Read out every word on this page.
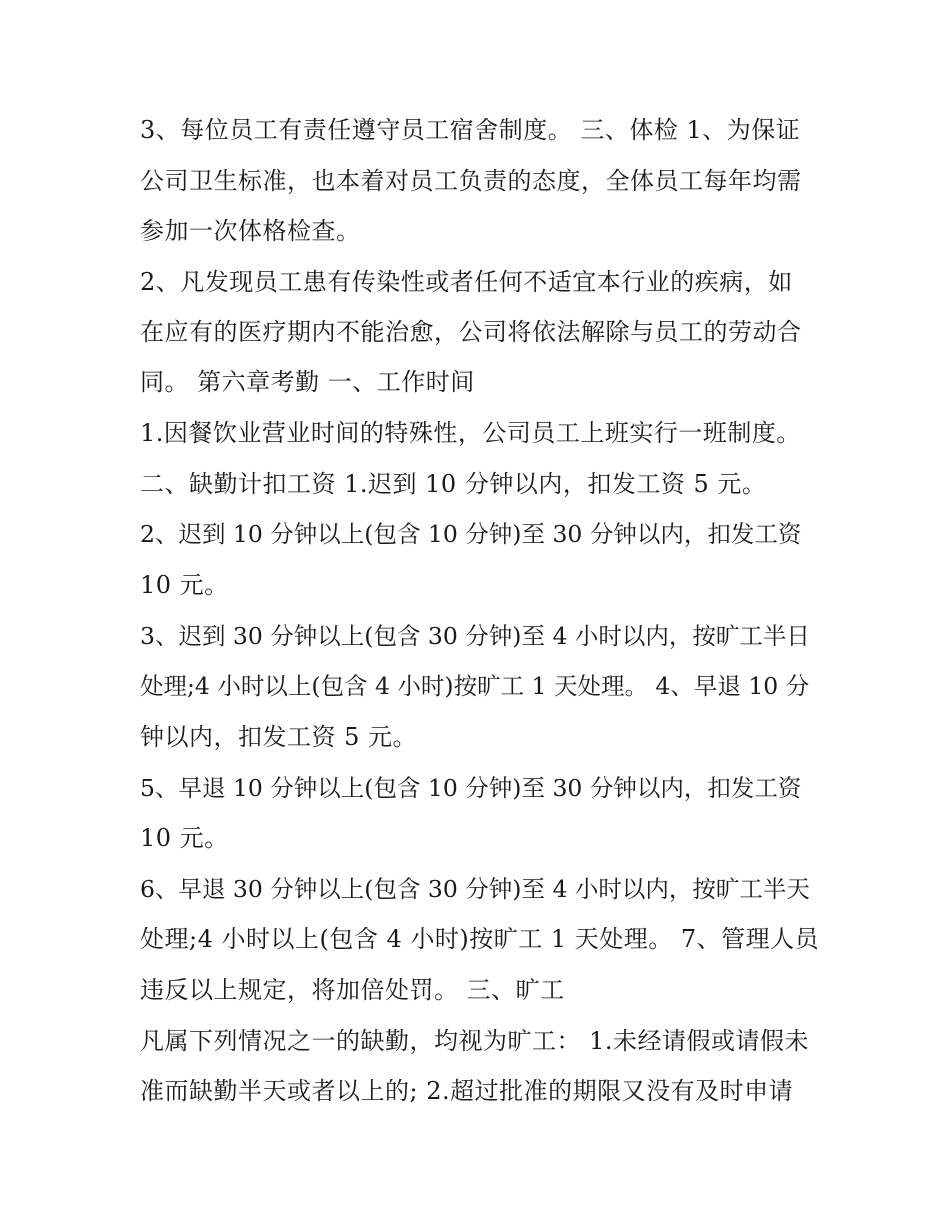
3、每位员工有责任遵守员工宿舍制度。 三、体检 1、为保证
公司卫生标准，也本着对员工负责的态度，全体员工每年均需
参加一次体格检查。
2、凡发现员工患有传染性或者任何不适宜本行业的疾病，如
在应有的医疗期内不能治愈，公司将依法解除与员工的劳动合
同。 第六章考勤 一、工作时间
1.因餐饮业营业时间的特殊性，公司员工上班实行一班制度。
二、缺勤计扣工资 1.迟到 10 分钟以内，扣发工资 5 元。
2、迟到 10 分钟以上(包含 10 分钟)至 30 分钟以内，扣发工资
10 元。
3、迟到 30 分钟以上(包含 30 分钟)至 4 小时以内，按旷工半日
处理;4 小时以上(包含 4 小时)按旷工 1 天处理。 4、早退 10 分
钟以内，扣发工资 5 元。
5、早退 10 分钟以上(包含 10 分钟)至 30 分钟以内，扣发工资
10 元。
6、早退 30 分钟以上(包含 30 分钟)至 4 小时以内，按旷工半天
处理;4 小时以上(包含 4 小时)按旷工 1 天处理。 7、管理人员
违反以上规定，将加倍处罚。 三、旷工
凡属下列情况之一的缺勤，均视为旷工： 1.未经请假或请假未
准而缺勤半天或者以上的; 2.超过批准的期限又没有及时申请
